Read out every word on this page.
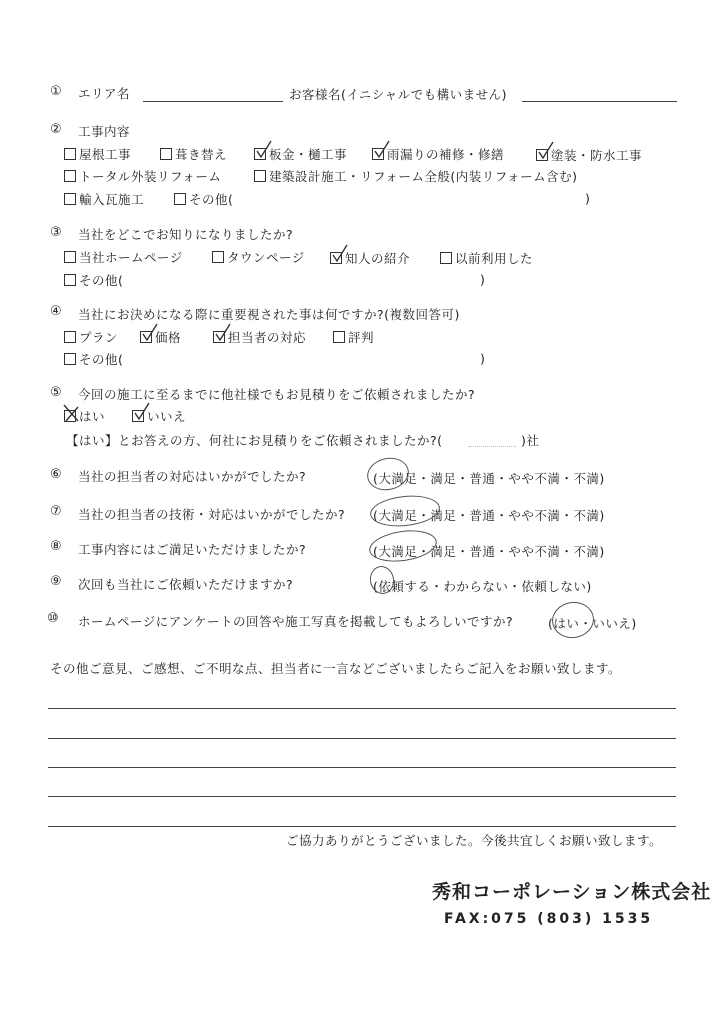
① エリア名	お客様名(イニシャルでも構いません)
② 工事内容
屋根工事	葺き替え	板金・樋工事	雨漏りの補修・修繕	塗装・防水工事
トータル外装リフォーム	建築設計施工・リフォーム全般(内装リフォーム含む)
輸入瓦施工	その他(	)
③ 当社をどこでお知りになりましたか?
当社ホームページ	タウンページ	知人の紹介	以前利用した
その他(	)
④ 当社にお決めになる際に重要視された事は何ですか?(複数回答可)
プラン	価格	担当者の対応	評判
その他(	)
⑤ 今回の施工に至るまでに他社様でもお見積りをご依頼されましたか?
はい	いいえ
【はい】とお答えの方、何社にお見積りをご依頼されましたか?(	)社
⑥ 当社の担当者の対応はいかがでしたか?	(大満足・満足・普通・やや不満・不満)
⑦ 当社の担当者の技術・対応はいかがでしたか? (大満足・満足・普通・やや不満・不満)
⑧ 工事内容にはご満足いただけましたか?	(大満足・満足・普通・やや不満・不満)
⑨ 次回も当社にご依頼いただけますか?	(依頼する・わからない・依頼しない)
⑩ ホームページにアンケートの回答や施工写真を掲載してもよろしいですか?	(はい・いいえ)
その他ご意見、ご感想、ご不明な点、担当者に一言などございましたらご記入をお願い致します。
ご協力ありがとうございました。今後共宜しくお願い致します。
秀和コーポレーション株式会社
FAX:075 (803) 1535
